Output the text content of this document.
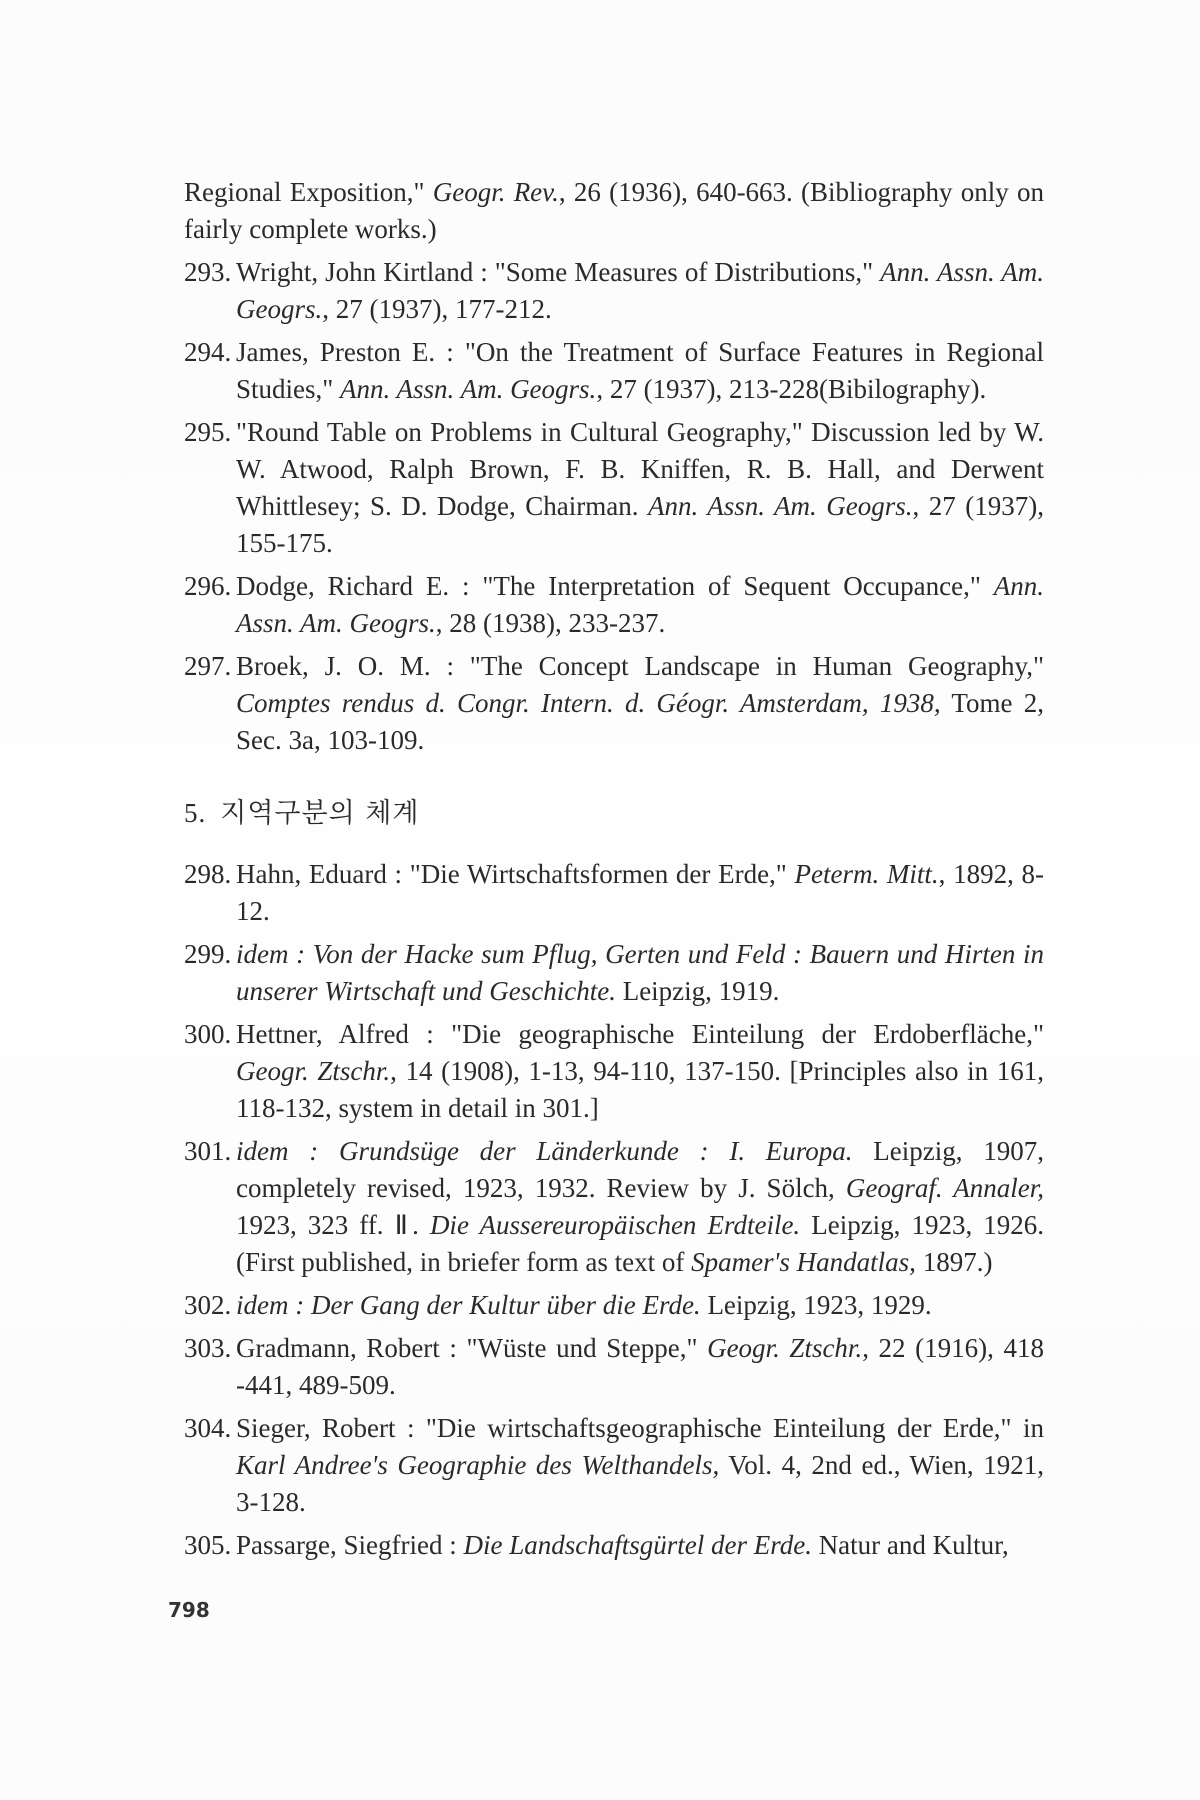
Regional Exposition," Geogr. Rev., 26 (1936), 640-663. (Bibliography only on fairly complete works.)
293. Wright, John Kirtland : "Some Measures of Distributions," Ann. Assn. Am. Geogrs., 27 (1937), 177-212.
294. James, Preston E. : "On the Treatment of Surface Features in Regional Studies," Ann. Assn. Am. Geogrs., 27 (1937), 213-228(Bibilography).
295. "Round Table on Problems in Cultural Geography," Discussion led by W. W. Atwood, Ralph Brown, F. B. Kniffen, R. B. Hall, and Derwent Whittlesey; S. D. Dodge, Chairman. Ann. Assn. Am. Geogrs., 27 (1937), 155-175.
296. Dodge, Richard E. : "The Interpretation of Sequent Occupance," Ann. Assn. Am. Geogrs., 28 (1938), 233-237.
297. Broek, J. O. M. : "The Concept Landscape in Human Geography," Comptes rendus d. Congr. Intern. d. Géogr. Amsterdam, 1938, Tome 2, Sec. 3a, 103-109.
5. 지역구분의 체계
298. Hahn, Eduard : "Die Wirtschaftsformen der Erde," Peterm. Mitt., 1892, 8-12.
299. idem : Von der Hacke sum Pflug, Gerten und Feld : Bauern und Hirten in unserer Wirtschaft und Geschichte. Leipzig, 1919.
300. Hettner, Alfred : "Die geographische Einteilung der Erdoberfläche," Geogr. Ztschr., 14 (1908), 1-13, 94-110, 137-150. [Principles also in 161, 118-132, system in detail in 301.]
301. idem : Grundsüge der Länderkunde : I. Europa. Leipzig, 1907, completely revised, 1923, 1932. Review by J. Sölch, Geograf. Annaler, 1923, 323 ff. Ⅱ. Die Aussereuropäischen Erdteile. Leipzig, 1923, 1926. (First published, in briefer form as text of Spamer's Handatlas, 1897.)
302. idem : Der Gang der Kultur über die Erde. Leipzig, 1923, 1929.
303. Gradmann, Robert : "Wüste und Steppe," Geogr. Ztschr., 22 (1916), 418 -441, 489-509.
304. Sieger, Robert : "Die wirtschaftsgeographische Einteilung der Erde," in Karl Andree's Geographie des Welthandels, Vol. 4, 2nd ed., Wien, 1921, 3-128.
305. Passarge, Siegfried : Die Landschaftsgürtel der Erde. Natur and Kultur,
798
